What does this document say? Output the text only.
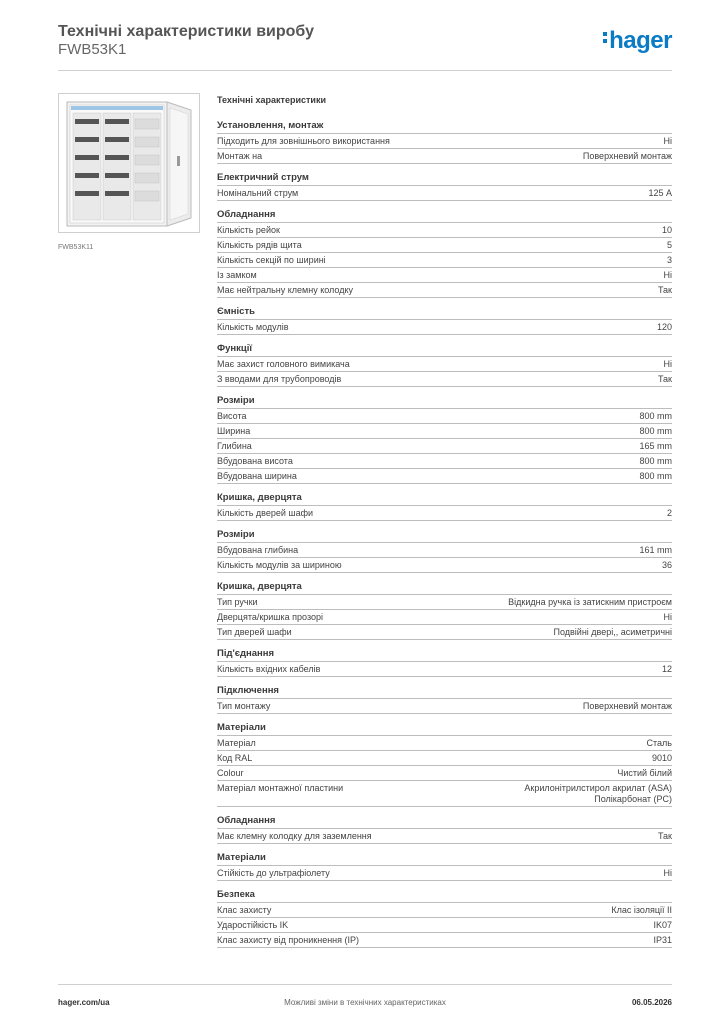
Технічні характеристики виробу
FWB53K1	hager
FWB53K11
Технічні характеристики
Установлення, монтаж
Підходить для зовнішнього використання	Ні
Монтаж на	Поверхневий монтаж
Електричний струм
Номінальний струм	125 А
Обладнання
Кількість рейок	10
Кількість рядів щита	5
Кількість секцій по ширині	3
Із замком	Ні
Має нейтральну клемну колодку	Так
Ємність
Кількість модулів	120
Функції
Має захист головного вимикача	Ні
З вводами для трубопроводів	Так
Розміри
Висота	800 mm
Ширина	800 mm
Глибина	165 mm
Вбудована висота	800 mm
Вбудована ширина	800 mm
Кришка, дверцята
Кількість дверей шафи	2
Розміри
Вбудована глибина	161 mm
Кількість модулів за шириною	36
Кришка, дверцята
Тип ручки	Відкидна ручка із затискним пристроєм
Дверцята/кришка прозорі	Ні
Тип дверей шафи	Подвійні двері,, асиметричні
Під'єднання
Кількість вхідних кабелів	12
Підключення
Тип монтажу	Поверхневий монтаж
Матеріали
Матеріал	Сталь
Код RAL	9010
Colour	Чистий білий
Матеріал монтажної пластини	Акрилонітрилстирол акрилат (ASA)
Полікарбонат (PC)
Обладнання
Має клемну колодку для заземлення	Так
Матеріали
Стійкість до ультрафіолету	Ні
Безпека
Клас захисту	Клас ізоляції II
Ударостійкість IK	IK07
Клас захисту від проникнення (IP)	IP31
hager.com/ua	Можливі зміни в технічних характеристиках	06.05.2026
